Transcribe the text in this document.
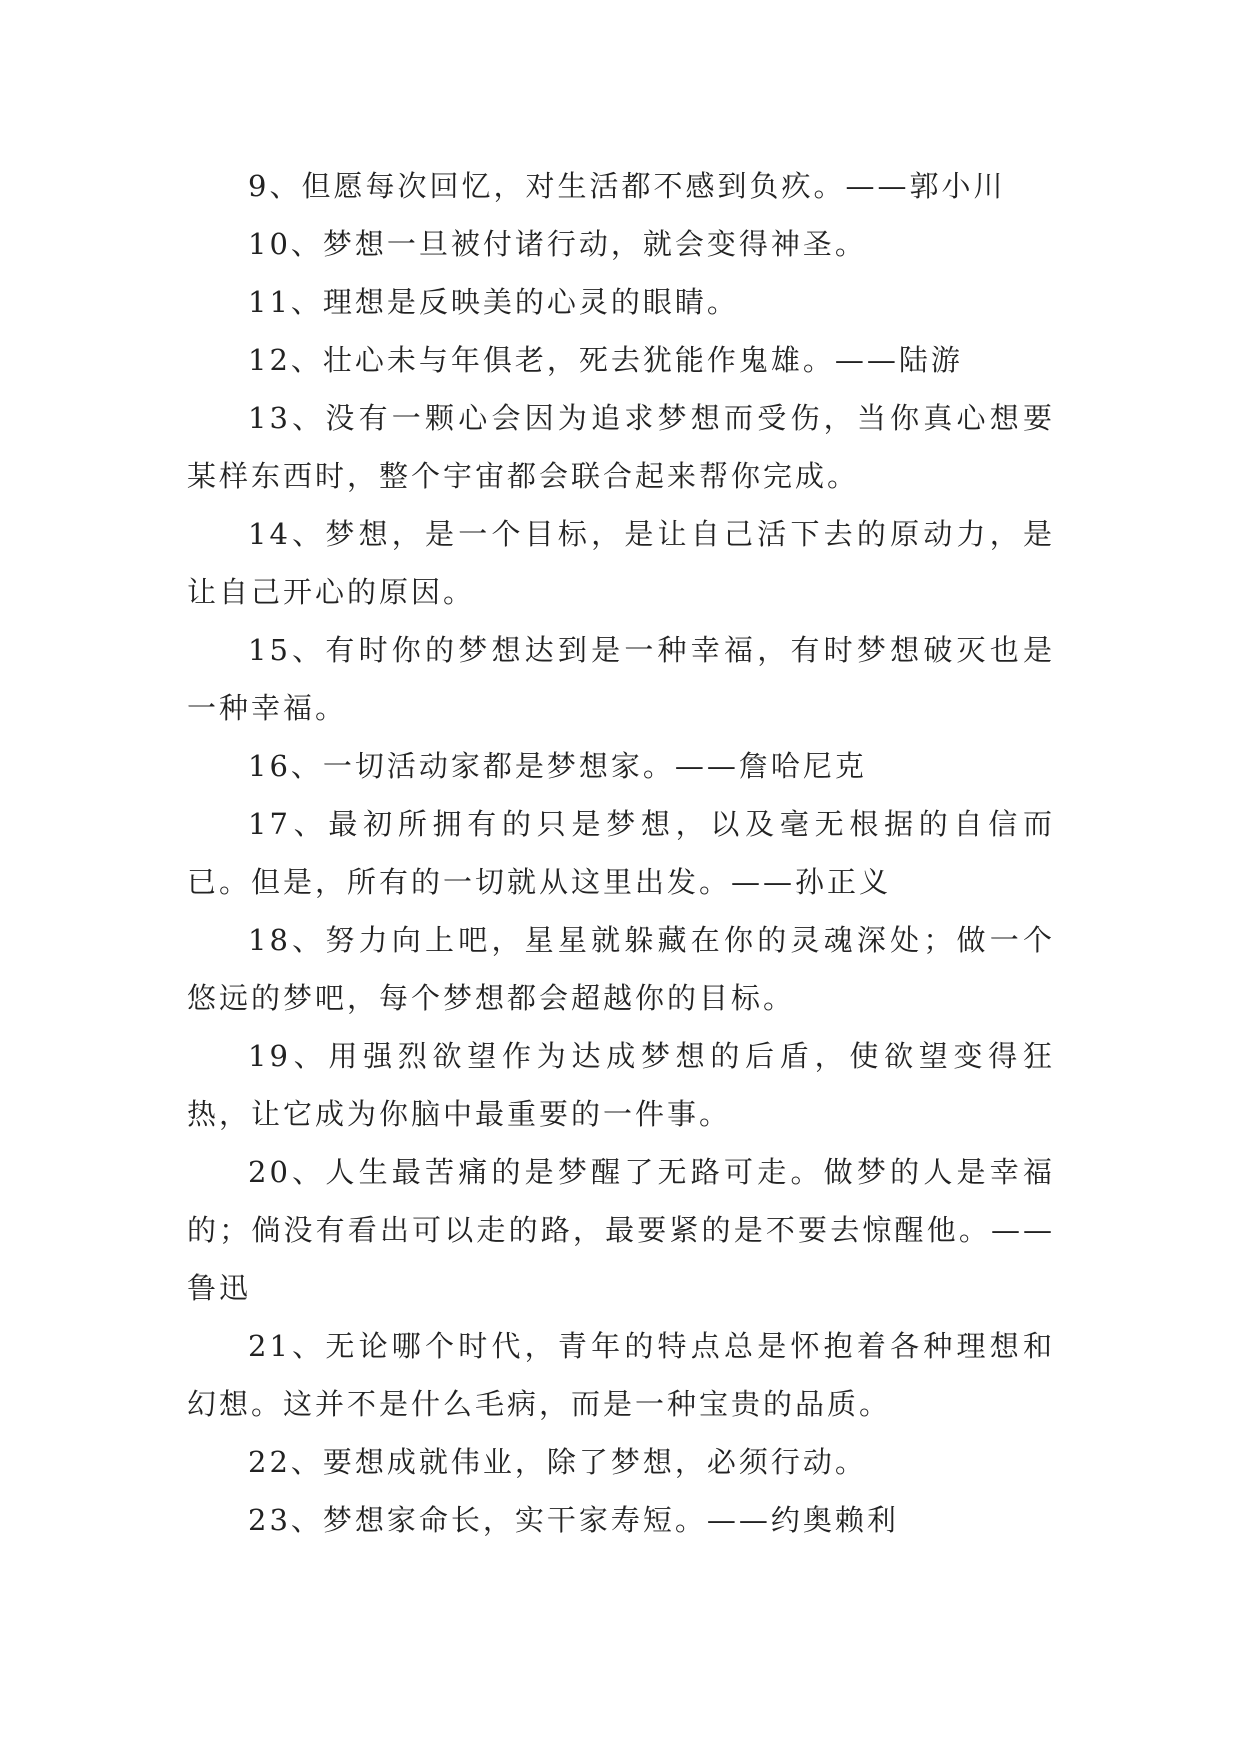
9、但愿每次回忆，对生活都不感到负疚。——郭小川

10、梦想一旦被付诸行动，就会变得神圣。

11、理想是反映美的心灵的眼睛。

12、壮心未与年俱老，死去犹能作鬼雄。——陆游

13、没有一颗心会因为追求梦想而受伤，当你真心想要某样东西时，整个宇宙都会联合起来帮你完成。

14、梦想，是一个目标，是让自己活下去的原动力，是让自己开心的原因。

15、有时你的梦想达到是一种幸福，有时梦想破灭也是一种幸福。

16、一切活动家都是梦想家。——詹哈尼克

17、最初所拥有的只是梦想，以及毫无根据的自信而已。但是，所有的一切就从这里出发。——孙正义

18、努力向上吧，星星就躲藏在你的灵魂深处；做一个悠远的梦吧，每个梦想都会超越你的目标。

19、用强烈欲望作为达成梦想的后盾，使欲望变得狂热，让它成为你脑中最重要的一件事。

20、人生最苦痛的是梦醒了无路可走。做梦的人是幸福的；倘没有看出可以走的路，最要紧的是不要去惊醒他。——鲁迅

21、无论哪个时代，青年的特点总是怀抱着各种理想和幻想。这并不是什么毛病，而是一种宝贵的品质。

22、要想成就伟业，除了梦想，必须行动。

23、梦想家命长，实干家寿短。——约奥赖利
